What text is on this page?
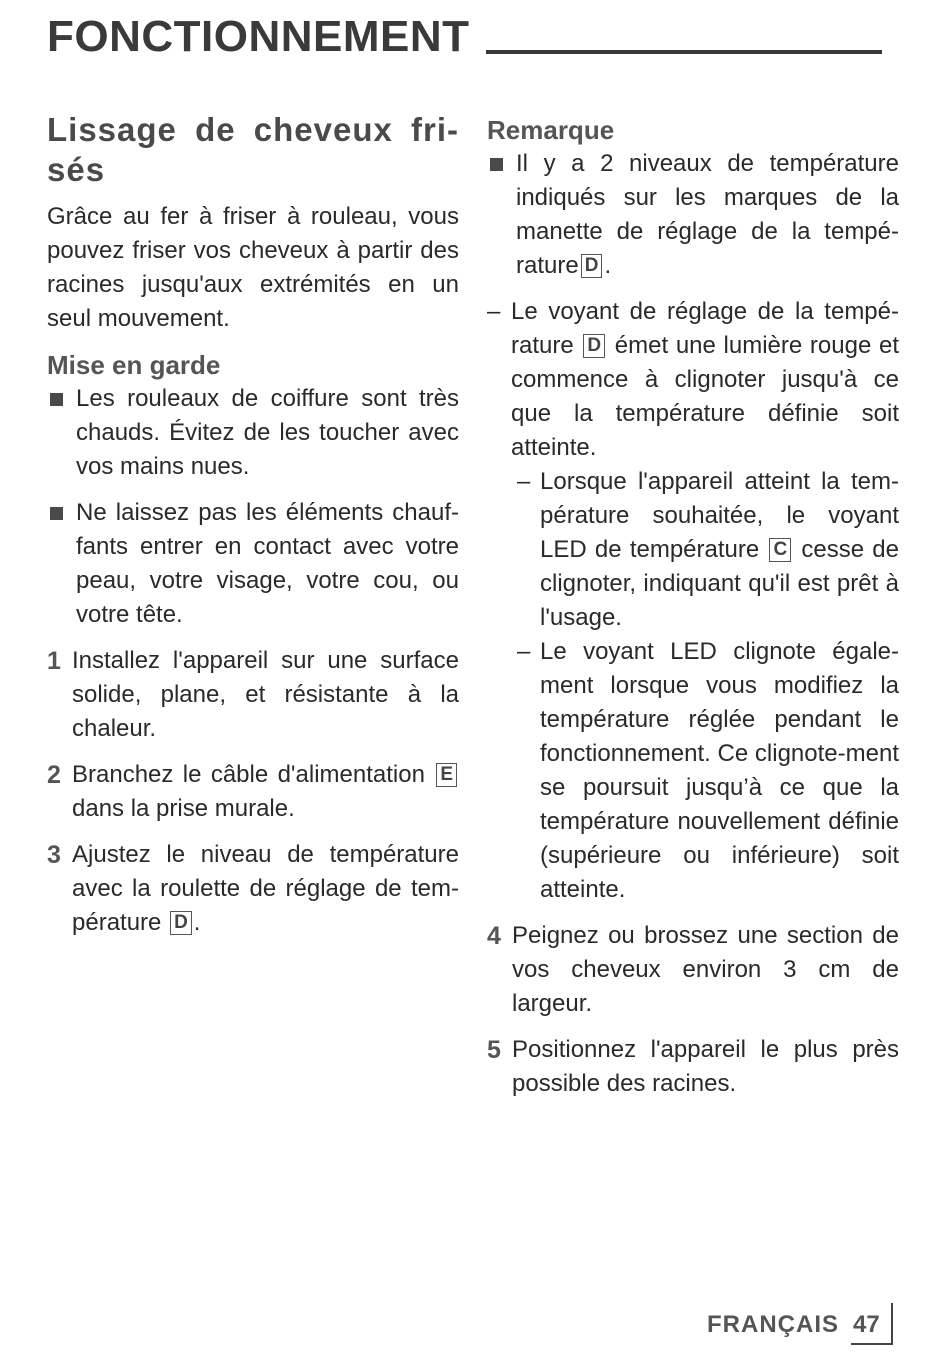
FONCTIONNEMENT
Lissage de cheveux fri-sés

Grâce au fer à friser à rouleau, vous pouvez friser vos cheveux à partir des racines jusqu'aux extrémités en un seul mouvement.

Mise en garde
Les rouleaux de coiffure sont très chauds. Évitez de les toucher avec vos mains nues.
Ne laissez pas les éléments chauf-fants entrer en contact avec votre peau, votre visage, votre cou, ou votre tête.
1 Installez l'appareil sur une surface solide, plane, et résistante à la chaleur.
2 Branchez le câble d'alimentation E dans la prise murale.
3 Ajustez le niveau de température avec la roulette de réglage de tem-pérature D .
Remarque
Il y a 2 niveaux de température indiqués sur les marques de la manette de réglage de la tempé-rature D .
– Le voyant de réglage de la tempé-rature D émet une lumière rouge et commence à clignoter jusqu'à ce que la température définie soit atteinte.
– Lorsque l'appareil atteint la tem-pérature souhaitée, le voyant LED de température C cesse de clignoter, indiquant qu'il est prêt à l'usage.
– Le voyant LED clignote égale-ment lorsque vous modifiez la température réglée pendant le fonctionnement. Ce clignote-ment se poursuit jusqu’à ce que la température nouvellement définie (supérieure ou inférieure) soit atteinte.
4 Peignez ou brossez une section de vos cheveux environ 3 cm de largeur.
5 Positionnez l'appareil le plus près possible des racines.
FRANÇAIS 47
